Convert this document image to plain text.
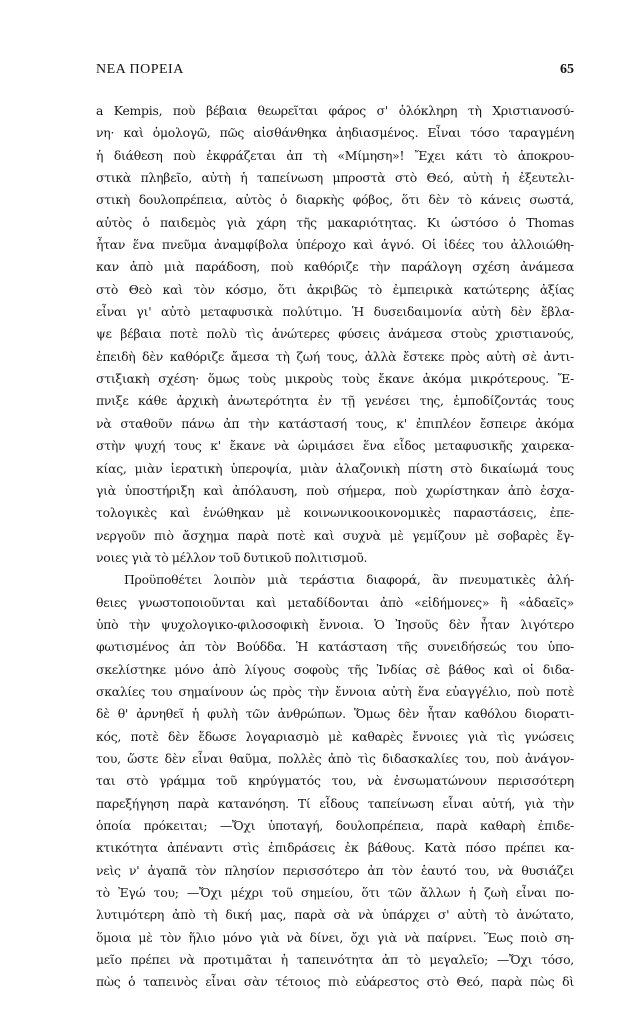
ΝΕΑ ΠΟΡΕΙΑ	65
a Kempis, ποὺ βέβαια θεωρεῖται φάρος σ' ὁλόκληρη τὴ Χριστιανοσύ-
νη· καὶ ὁμολογῶ, πῶς αἰσθάνθηκα ἀηδιασμένος. Εἶναι τόσο ταραγμένη
ἡ διάθεση ποὺ ἐκφράζεται ἀπ τὴ «Μίμηση»! Ἔχει κάτι τὸ ἀποκρου-
στικὰ πληβεῖο, αὐτὴ ἡ ταπείνωση μπροστὰ στὸ Θεό, αὐτὴ ἡ ἐξευτελι-
στικὴ δουλοπρέπεια, αὐτὸς ὁ διαρκὴς φόβος, ὅτι δὲν τὸ κάνεις σωστά,
αὐτὸς ὁ παιδεμὸς γιὰ χάρη τῆς μακαριότητας. Κι ὡστόσο ὁ Thomas
ἦταν ἕνα πνεῦμα ἀναμφίβολα ὑπέροχο καὶ ἁγνό. Οἱ ἰδέες του ἀλλοιώθη-
καν ἀπὸ μιὰ παράδοση, ποὺ καθόριζε τὴν παράλογη σχέση ἀνάμεσα
στὸ Θεὸ καὶ τὸν κόσμο, ὅτι ἀκριβῶς τὸ ἐμπειρικὰ κατώτερης ἀξίας
εἶναι γι' αὐτὸ μεταφυσικὰ πολύτιμο. Ἡ δυσειδαιμονία αὐτὴ δὲν ἔβλα-
ψε βέβαια ποτὲ πολὺ τὶς ἀνώτερες φύσεις ἀνάμεσα στοὺς χριστιανούς,
ἐπειδὴ δὲν καθόριζε ἄμεσα τὴ ζωή τους, ἀλλὰ ἔστεκε πρὸς αὐτὴ σὲ ἀντι-
στιξιακὴ σχέση· ὅμως τοὺς μικροὺς τοὺς ἔκανε ἀκόμα μικρότερους. Ἔ-
πνιξε κάθε ἀρχικὴ ἀνωτερότητα ἐν τῇ γενέσει της, ἐμποδίζοντάς τους
νὰ σταθοῦν πάνω ἀπ τὴν κατάστασή τους, κ' ἐπιπλέον ἔσπειρε ἀκόμα
στὴν ψυχή τους κ' ἔκανε νὰ ὡριμάσει ἕνα εἶδος μεταφυσικῆς χαιρεκα-
κίας, μιὰν ἱερατικὴ ὑπεροψία, μιὰν ἀλαζονικὴ πίστη στὸ δικαίωμά τους
γιὰ ὑποστήριξη καὶ ἀπόλαυση, ποὺ σήμερα, ποὺ χωρίστηκαν ἀπὸ ἐσχα-
τολογικὲς καὶ ἑνώθηκαν μὲ κοινωνικοοικονομικὲς παραστάσεις, ἐπε-
νεργοῦν πιὸ ἄσχημα παρὰ ποτὲ καὶ συχνὰ μὲ γεμίζουν μὲ σοβαρὲς ἔγ-
νοιες γιὰ τὸ μέλλον τοῦ δυτικοῦ πολιτισμοῦ.
Προϋποθέτει λοιπὸν μιὰ τεράστια διαφορά, ἂν πνευματικὲς ἀλή-
θειες γνωστοποιοῦνται καὶ μεταδίδονται ἀπὸ «εἰδήμονες» ἢ «ἀδαεῖς»
ὑπὸ τὴν ψυχολογικο-φιλοσοφικὴ ἔννοια. Ὁ Ἰησοῦς δὲν ἦταν λιγότερο
φωτισμένος ἀπ τὸν Βούδδα. Ἡ κατάσταση τῆς συνειδήσεώς του ὑπο-
σκελίστηκε μόνο ἀπὸ λίγους σοφοὺς τῆς Ἰνδίας σὲ βάθος καὶ οἱ διδα-
σκαλίες του σημαίνουν ὡς πρὸς τὴν ἔννοια αὐτὴ ἕνα εὐαγγέλιο, ποὺ ποτὲ
δὲ θ' ἀρνηθεῖ ἡ φυλὴ τῶν ἀνθρώπων. Ὅμως δὲν ἦταν καθόλου διορατι-
κός, ποτὲ δὲν ἔδωσε λογαριασμὸ μὲ καθαρὲς ἔννοιες γιὰ τὶς γνώσεις
του, ὥστε δὲν εἶναι θαῦμα, πολλὲς ἀπὸ τὶς διδασκαλίες του, ποὺ ἀνάγον-
ται στὸ γράμμα τοῦ κηρύγματός του, νὰ ἐνσωματώνουν περισσότερη
παρεξήγηση παρὰ κατανόηση. Τί εἶδους ταπείνωση εἶναι αὐτή, γιὰ τὴν
ὁποία πρόκειται; —Ὄχι ὑποταγή, δουλοπρέπεια, παρὰ καθαρὴ ἐπιδε-
κτικότητα ἀπέναντι στὶς ἐπιδράσεις ἐκ βάθους. Κατὰ πόσο πρέπει κα-
νεὶς ν' ἀγαπᾶ τὸν πλησίον περισσότερο ἀπ τὸν ἑαυτό του, νὰ θυσιάζει
τὸ Ἐγώ του; —Ὄχι μέχρι τοῦ σημείου, ὅτι τῶν ἄλλων ἡ ζωὴ εἶναι πο-
λυτιμότερη ἀπὸ τὴ δική μας, παρὰ σὰ νὰ ὑπάρχει σ' αὐτὴ τὸ ἀνώτατο,
ὅμοια μὲ τὸν ἥλιο μόνο γιὰ νὰ δίνει, ὄχι γιὰ νὰ παίρνει. Ἕως ποιὸ ση-
μεῖο πρέπει νὰ προτιμᾶται ἡ ταπεινότητα ἀπ τὸ μεγαλεῖο; —Ὄχι τόσο,
πὼς ὁ ταπεινὸς εἶναι σὰν τέτοιος πιὸ εὐάρεστος στὸ Θεό, παρὰ πὼς δὶ
